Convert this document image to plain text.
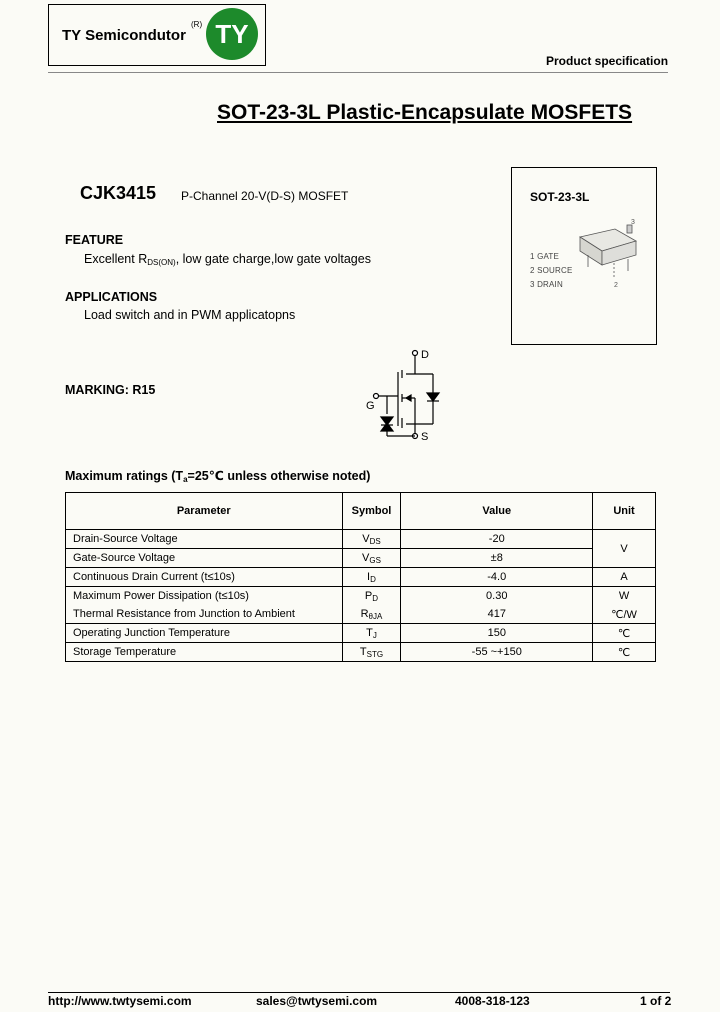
TY Semicondutor
(R) TY
Product specification
SOT-23-3L Plastic-Encapsulate MOSFETS
CJK3415 P-Channel 20-V(D-S) MOSFET
FEATURE
Excellent $R_{DS(ON)}$, low gate charge,low gate voltages
APPLICATIONS
Load switch and in PWM applicatopns
MARKING: R15
SOT-23-3L
3
2
1 GATE
2 SOURCE
3 DRAIN
D
G
S
Maximum ratings ($T_a=25℃$ unless otherwise noted)
Parameter	Symbol	Value	Unit
Drain-Source Voltage	$V_{DS}$	-20	V
Gate-Source Voltage	$V_{GS}$	±8	
Continuous Drain Current (t≤10s)	$I_D$	-4.0	A
Maximum Power Dissipation (t≤10s)	$P_D$	0.30	W
Thermal Resistance from Junction to Ambient	$R_{\theta JA}$	417	℃/W
Operating Junction Temperature	$T_J$	150	℃
Storage Temperature	$T_{STG}$	-55 ~+150	℃
http://www.twtysemi.com	sales@twtysemi.com	4008-318-123	1 of 2
